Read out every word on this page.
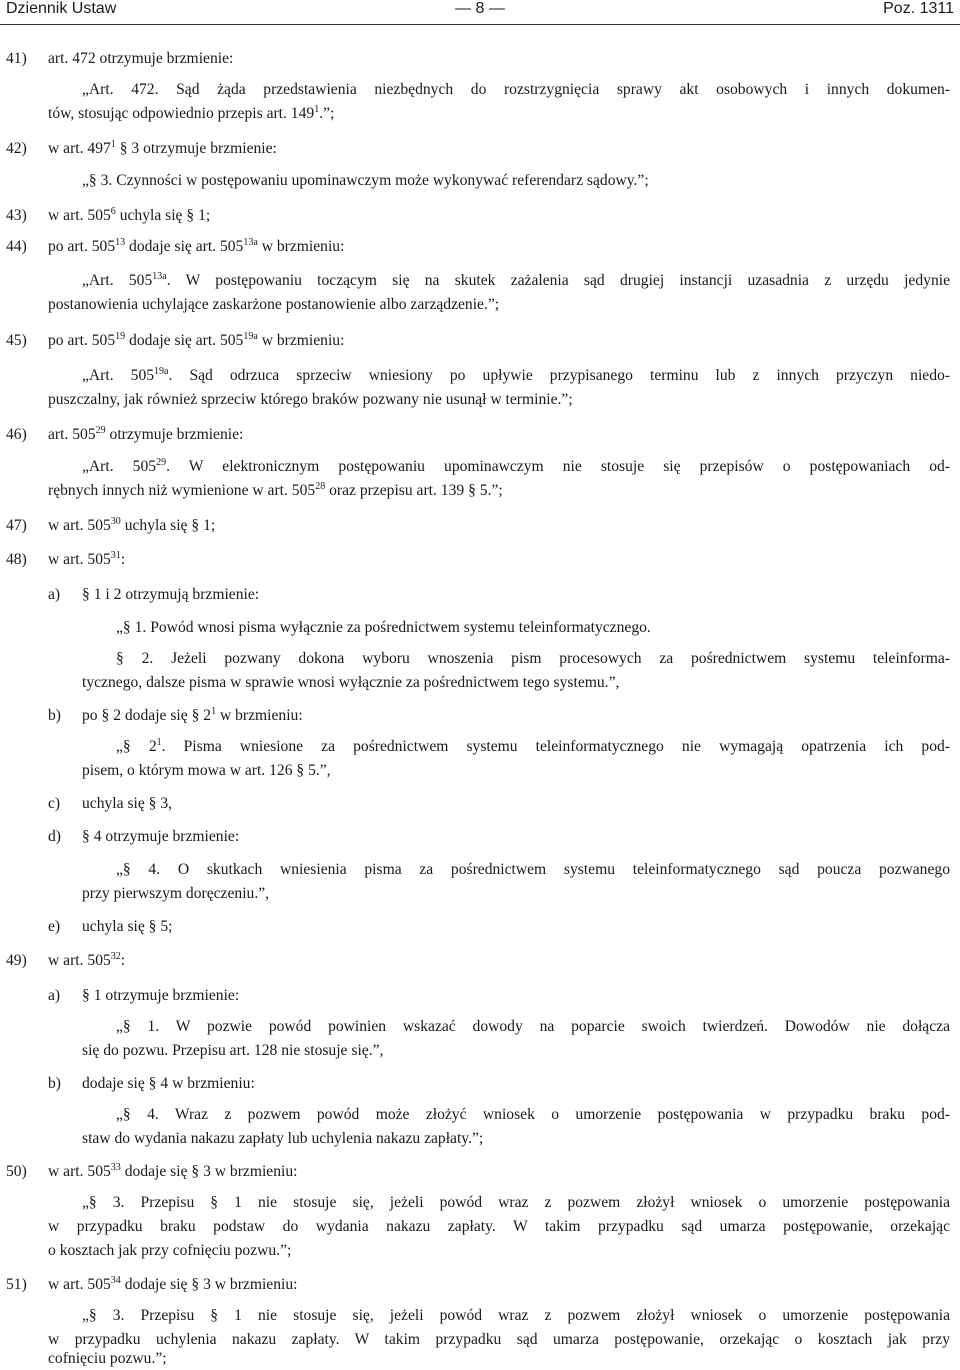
Dziennik Ustaw	— 8 —	Poz. 1311
41) art. 472 otrzymuje brzmienie:
„Art. 472. Sąd żąda przedstawienia niezbędnych do rozstrzygnięcia sprawy akt osobowych i innych dokumen-
tów, stosując odpowiednio przepis art. $149^1$.”;
42) w art. $497^1$ § 3 otrzymuje brzmienie:
„§ 3. Czynności w postępowaniu upominawczym może wykonywać referendarz sądowy.”;
43) w art. $505^6$ uchyla się § 1;
44) po art. $505^{13}$ dodaje się art. $505^{13a}$ w brzmieniu:
„Art. $505^{13a}$. W postępowaniu toczącym się na skutek zażalenia sąd drugiej instancji uzasadnia z urzędu jedynie
postanowienia uchylające zaskarżone postanowienie albo zarządzenie.”;
45) po art. $505^{19}$ dodaje się art. $505^{19a}$ w brzmieniu:
„Art. $505^{19a}$. Sąd odrzuca sprzeciw wniesiony po upływie przypisanego terminu lub z innych przyczyn niedo-
puszczalny, jak również sprzeciw którego braków pozwany nie usunął w terminie.”;
46) art. $505^{29}$ otrzymuje brzmienie:
„Art. $505^{29}$. W elektronicznym postępowaniu upominawczym nie stosuje się przepisów o postępowaniach od-
rębnych innych niż wymienione w art. $505^{28}$ oraz przepisu art. 139 § 5.”;
47) w art. $505^{30}$ uchyla się § 1;
48) w art. $505^{31}$:
a) § 1 i 2 otrzymują brzmienie:
„§ 1. Powód wnosi pisma wyłącznie za pośrednictwem systemu teleinformatycznego.
§ 2. Jeżeli pozwany dokona wyboru wnoszenia pism procesowych za pośrednictwem systemu teleinforma-
tycznego, dalsze pisma w sprawie wnosi wyłącznie za pośrednictwem tego systemu.”,
b) po § 2 dodaje się § $2^1$ w brzmieniu:
„§ $2^1$. Pisma wniesione za pośrednictwem systemu teleinformatycznego nie wymagają opatrzenia ich pod-
pisem, o którym mowa w art. 126 § 5.”,
c) uchyla się § 3,
d) § 4 otrzymuje brzmienie:
„§ 4. O skutkach wniesienia pisma za pośrednictwem systemu teleinformatycznego sąd poucza pozwanego
przy pierwszym doręczeniu.”,
e) uchyla się § 5;
49) w art. $505^{32}$:
a) § 1 otrzymuje brzmienie:
„§ 1. W pozwie powód powinien wskazać dowody na poparcie swoich twierdzeń. Dowodów nie dołącza
się do pozwu. Przepisu art. 128 nie stosuje się.”,
b) dodaje się § 4 w brzmieniu:
„§ 4. Wraz z pozwem powód może złożyć wniosek o umorzenie postępowania w przypadku braku pod-
staw do wydania nakazu zapłaty lub uchylenia nakazu zapłaty.”;
50) w art. $505^{33}$ dodaje się § 3 w brzmieniu:
„§ 3. Przepisu § 1 nie stosuje się, jeżeli powód wraz z pozwem złożył wniosek o umorzenie postępowania
w przypadku braku podstaw do wydania nakazu zapłaty. W takim przypadku sąd umarza postępowanie, orzekając
o kosztach jak przy cofnięciu pozwu.”;
51) w art. $505^{34}$ dodaje się § 3 w brzmieniu:
„§ 3. Przepisu § 1 nie stosuje się, jeżeli powód wraz z pozwem złożył wniosek o umorzenie postępowania
w przypadku uchylenia nakazu zapłaty. W takim przypadku sąd umarza postępowanie, orzekając o kosztach jak przy
cofnięciu pozwu.”;
